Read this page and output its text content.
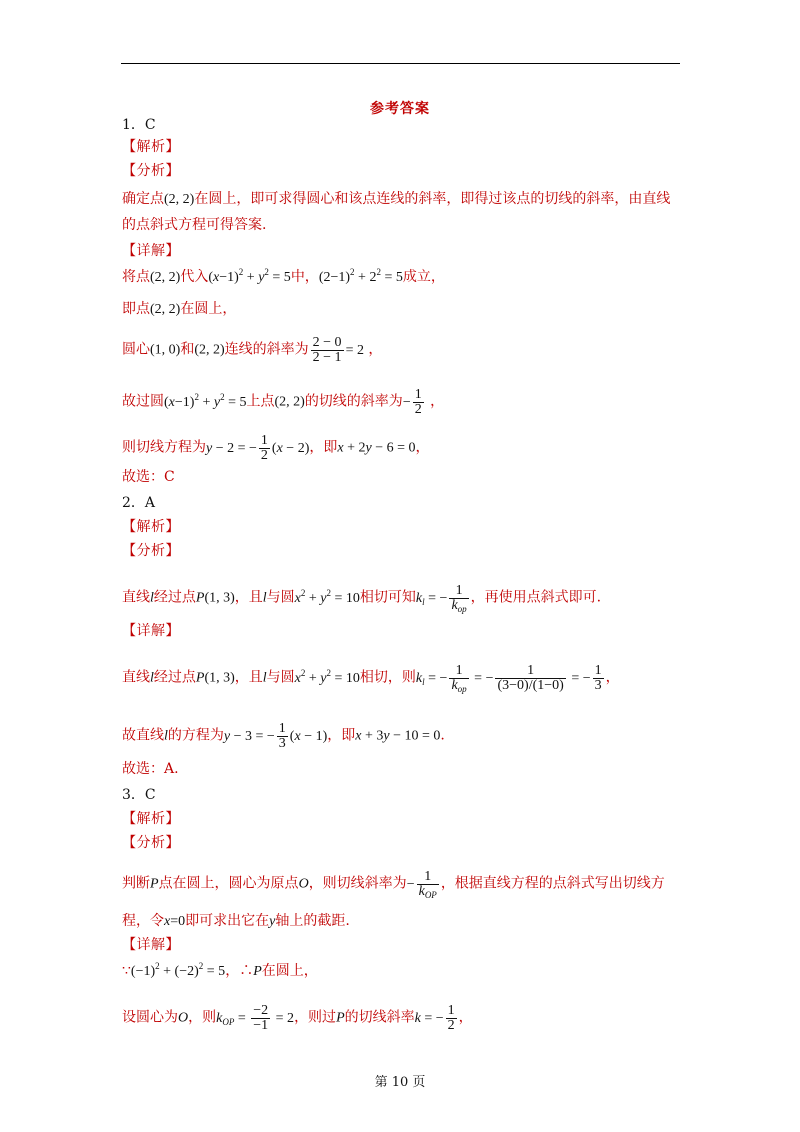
参考答案
1．C
【解析】
【分析】
确定点(2, 2)在圆上，即可求得圆心和该点连线的斜率，即得过该点的切线的斜率，由直线
的点斜式方程可得答案.
【详解】
将点(2, 2)代入$(x-1)^2 + y^2 = 5$中，$(2-1)^2 + 2^2 = 5$成立，
即点(2, 2)在圆上，
圆心(1, 0)和(2, 2)连线的斜率为 $\frac{2 - 0}{2 - 1} = 2$ ，
故过圆$(x-1)^2 + y^2 = 5$上点(2, 2)的切线的斜率为− $\frac{1}{2}$ ，
则切线方程为y − 2 = − $\frac{1}{2} (x - 2)$，即x + 2y − 6 = 0，
故选：C
2．A
【解析】
【分析】
直线l经过点P(1, 3)，且l与圆$x^2 + y^2 = 10$相切可知$k_l$ = − $\frac{1}{k_{op}}$ ，再使用点斜式即可.
【详解】
直线l经过点P(1, 3)，且l与圆$x^2 + y^2 = 10$相切，则$k_l$ = − $\frac{1}{k_{op}}$ = − $\frac{1}{(3-0)/(1-0)}$ = − $\frac{1}{3}$ ，
故直线l的方程为y − 3 = − $\frac{1}{3} (x - 1)$，即x + 3y − 10 = 0.
故选：A.
3．C
【解析】
【分析】
判断P点在圆上，圆心为原点O，则切线斜率为− $\frac{1}{k_{OP}}$ ，根据直线方程的点斜式写出切线方
程，令x=0即可求出它在y轴上的截距.
【详解】
$\because(-1)^2 + (-2)^2 = 5$，∴P在圆上，
设圆心为O，则$k_{OP} = \frac{-2}{-1} = 2$，则过P的切线斜率k = − $\frac{1}{2}$ ，
第 10 页
